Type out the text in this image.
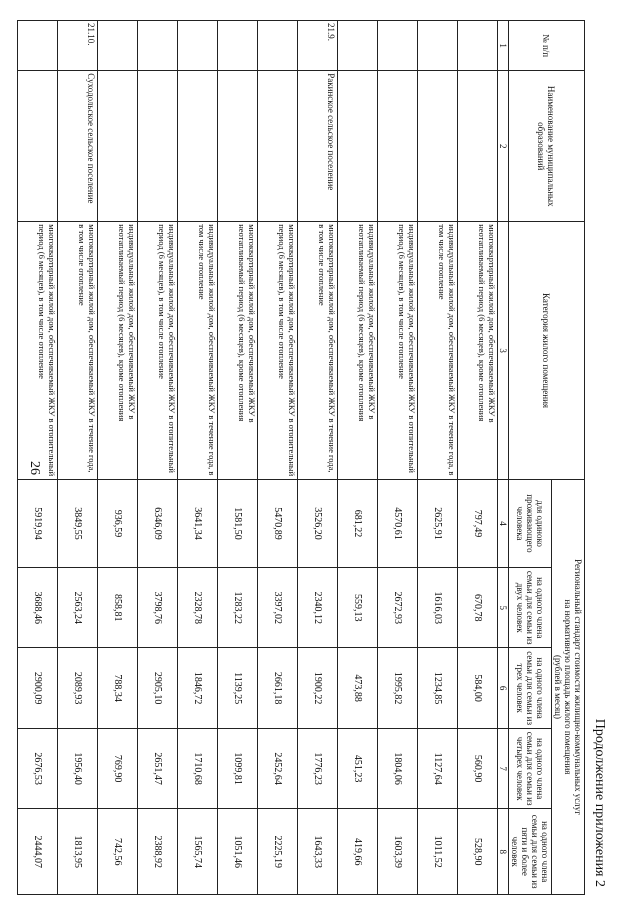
26
Продолжение приложения 2
№ п/п	Наименование муниципальных образований	Категория жилого помещения	Региональный стандарт стоимости жилищно-коммунальных услуг
на нормативную площадь жилого помещения
(рублей в месяц)				

			для одиноко проживающего человека	на одного члена семьи для семьи из двух человек	на одного члена семьи для семьи из трех человек	на одного члена семьи для семьи из четырех человек	на одного члена семьи для семьи из пяти и более человек
1	2	3	4	5	6	7	8
		многоквартирный жилой дом, обеспечиваемый ЖКУ в неотапливаемый период (6 месяцев), кроме отопления	797,49	670,78	584,00	560,90	528,90
		индивидуальный жилой дом, обеспечиваемый ЖКУ в течение года, в том числе отопление	2625,91	1616,03	1234,85	1127,64	1011,52
		индивидуальный жилой дом, обеспечиваемый ЖКУ в отопительный период (6 месяцев), в том числе отопление	4570,61	2672,93	1995,82	1804,06	1603,39
		индивидуальный жилой дом, обеспечиваемый ЖКУ в неотапливаемый период (6 месяцев), кроме отопления	681,22	559,13	473,88	451,23	419,66
21.9.	Ракинское сельское поселение	многоквартирный жилой дом, обеспечиваемый ЖКУ в течение года, в том числе отопление	3526,20	2340,12	1900,22	1776,23	1643,33
		многоквартирный жилой дом, обеспечиваемый ЖКУ в отопительный период (6 месяцев), в том числе отопление	5470,89	3397,02	2661,18	2452,64	2225,19
		многоквартирный жилой дом, обеспечиваемый ЖКУ в неотапливаемый период (6 месяцев), кроме отопления	1581,50	1283,22	1139,25	1099,81	1051,46
		индивидуальный жилой дом, обеспечиваемый ЖКУ в течение года, в том числе отопление	3641,34	2328,78	1846,72	1710,68	1565,74
		индивидуальный жилой дом, обеспечиваемый ЖКУ в отопительный период (6 месяцев), в том числе отопление	6346,09	3798,76	2905,10	2651,47	2388,92
		индивидуальный жилой дом, обеспечиваемый ЖКУ в неотапливаемый период (6 месяцев), кроме отопления	936,59	858,81	788,34	769,90	742,56
21.10.	Суходольское сельское поселение	многоквартирный жилой дом, обеспечиваемый ЖКУ в течение года, в том числе отопление	3849,55	2563,24	2089,93	1956,40	1813,95
		многоквартирный жилой дом, обеспечиваемый ЖКУ в отопительный период (6 месяцев), в том числе отопление	5919,94	3688,46	2900,09	2676,53	2444,07
